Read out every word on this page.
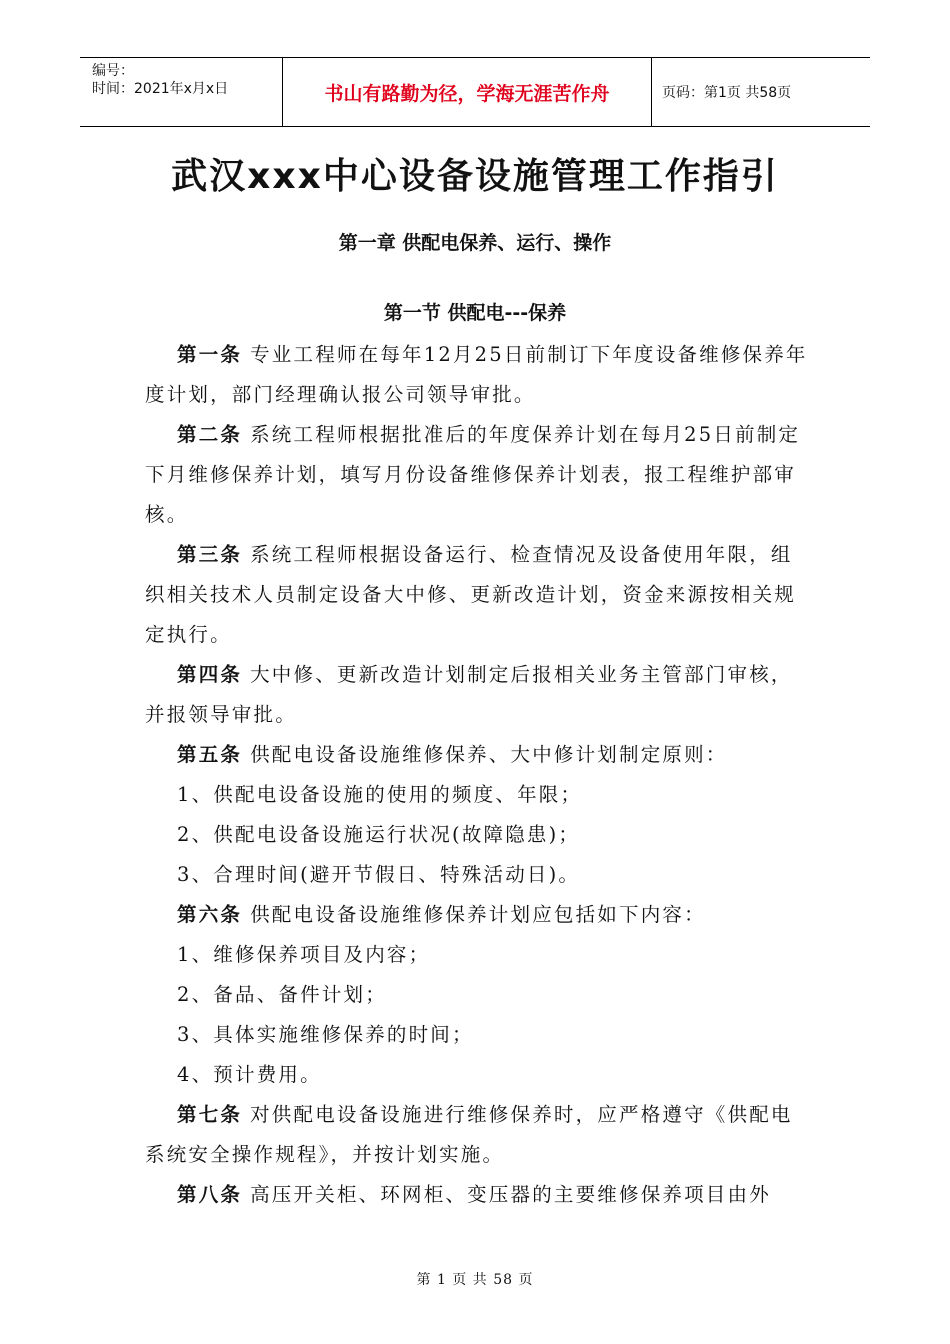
编号：
时间：2021年x月x日	书山有路勤为径，学海无涯苦作舟	页码：第1页 共58页
武汉xxx中心设备设施管理工作指引
第一章 供配电保养、运行、操作
第一节 供配电---保养

第一条 专业工程师在每年12月25日前制订下年度设备维修保养年度计划，部门经理确认报公司领导审批。

第二条 系统工程师根据批准后的年度保养计划在每月25日前制定下月维修保养计划，填写月份设备维修保养计划表，报工程维护部审核。

第三条 系统工程师根据设备运行、检查情况及设备使用年限，组织相关技术人员制定设备大中修、更新改造计划，资金来源按相关规定执行。

第四条 大中修、更新改造计划制定后报相关业务主管部门审核，并报领导审批。

第五条 供配电设备设施维修保养、大中修计划制定原则：

1、供配电设备设施的使用的频度、年限；

2、供配电设备设施运行状况(故障隐患)；

3、合理时间(避开节假日、特殊活动日)。

第六条 供配电设备设施维修保养计划应包括如下内容：

1、维修保养项目及内容；

2、备品、备件计划；

3、具体实施维修保养的时间；

4、预计费用。

第七条 对供配电设备设施进行维修保养时，应严格遵守《供配电系统安全操作规程》，并按计划实施。

第八条 高压开关柜、环网柜、变压器的主要维修保养项目由外

第 1 页 共 58 页
